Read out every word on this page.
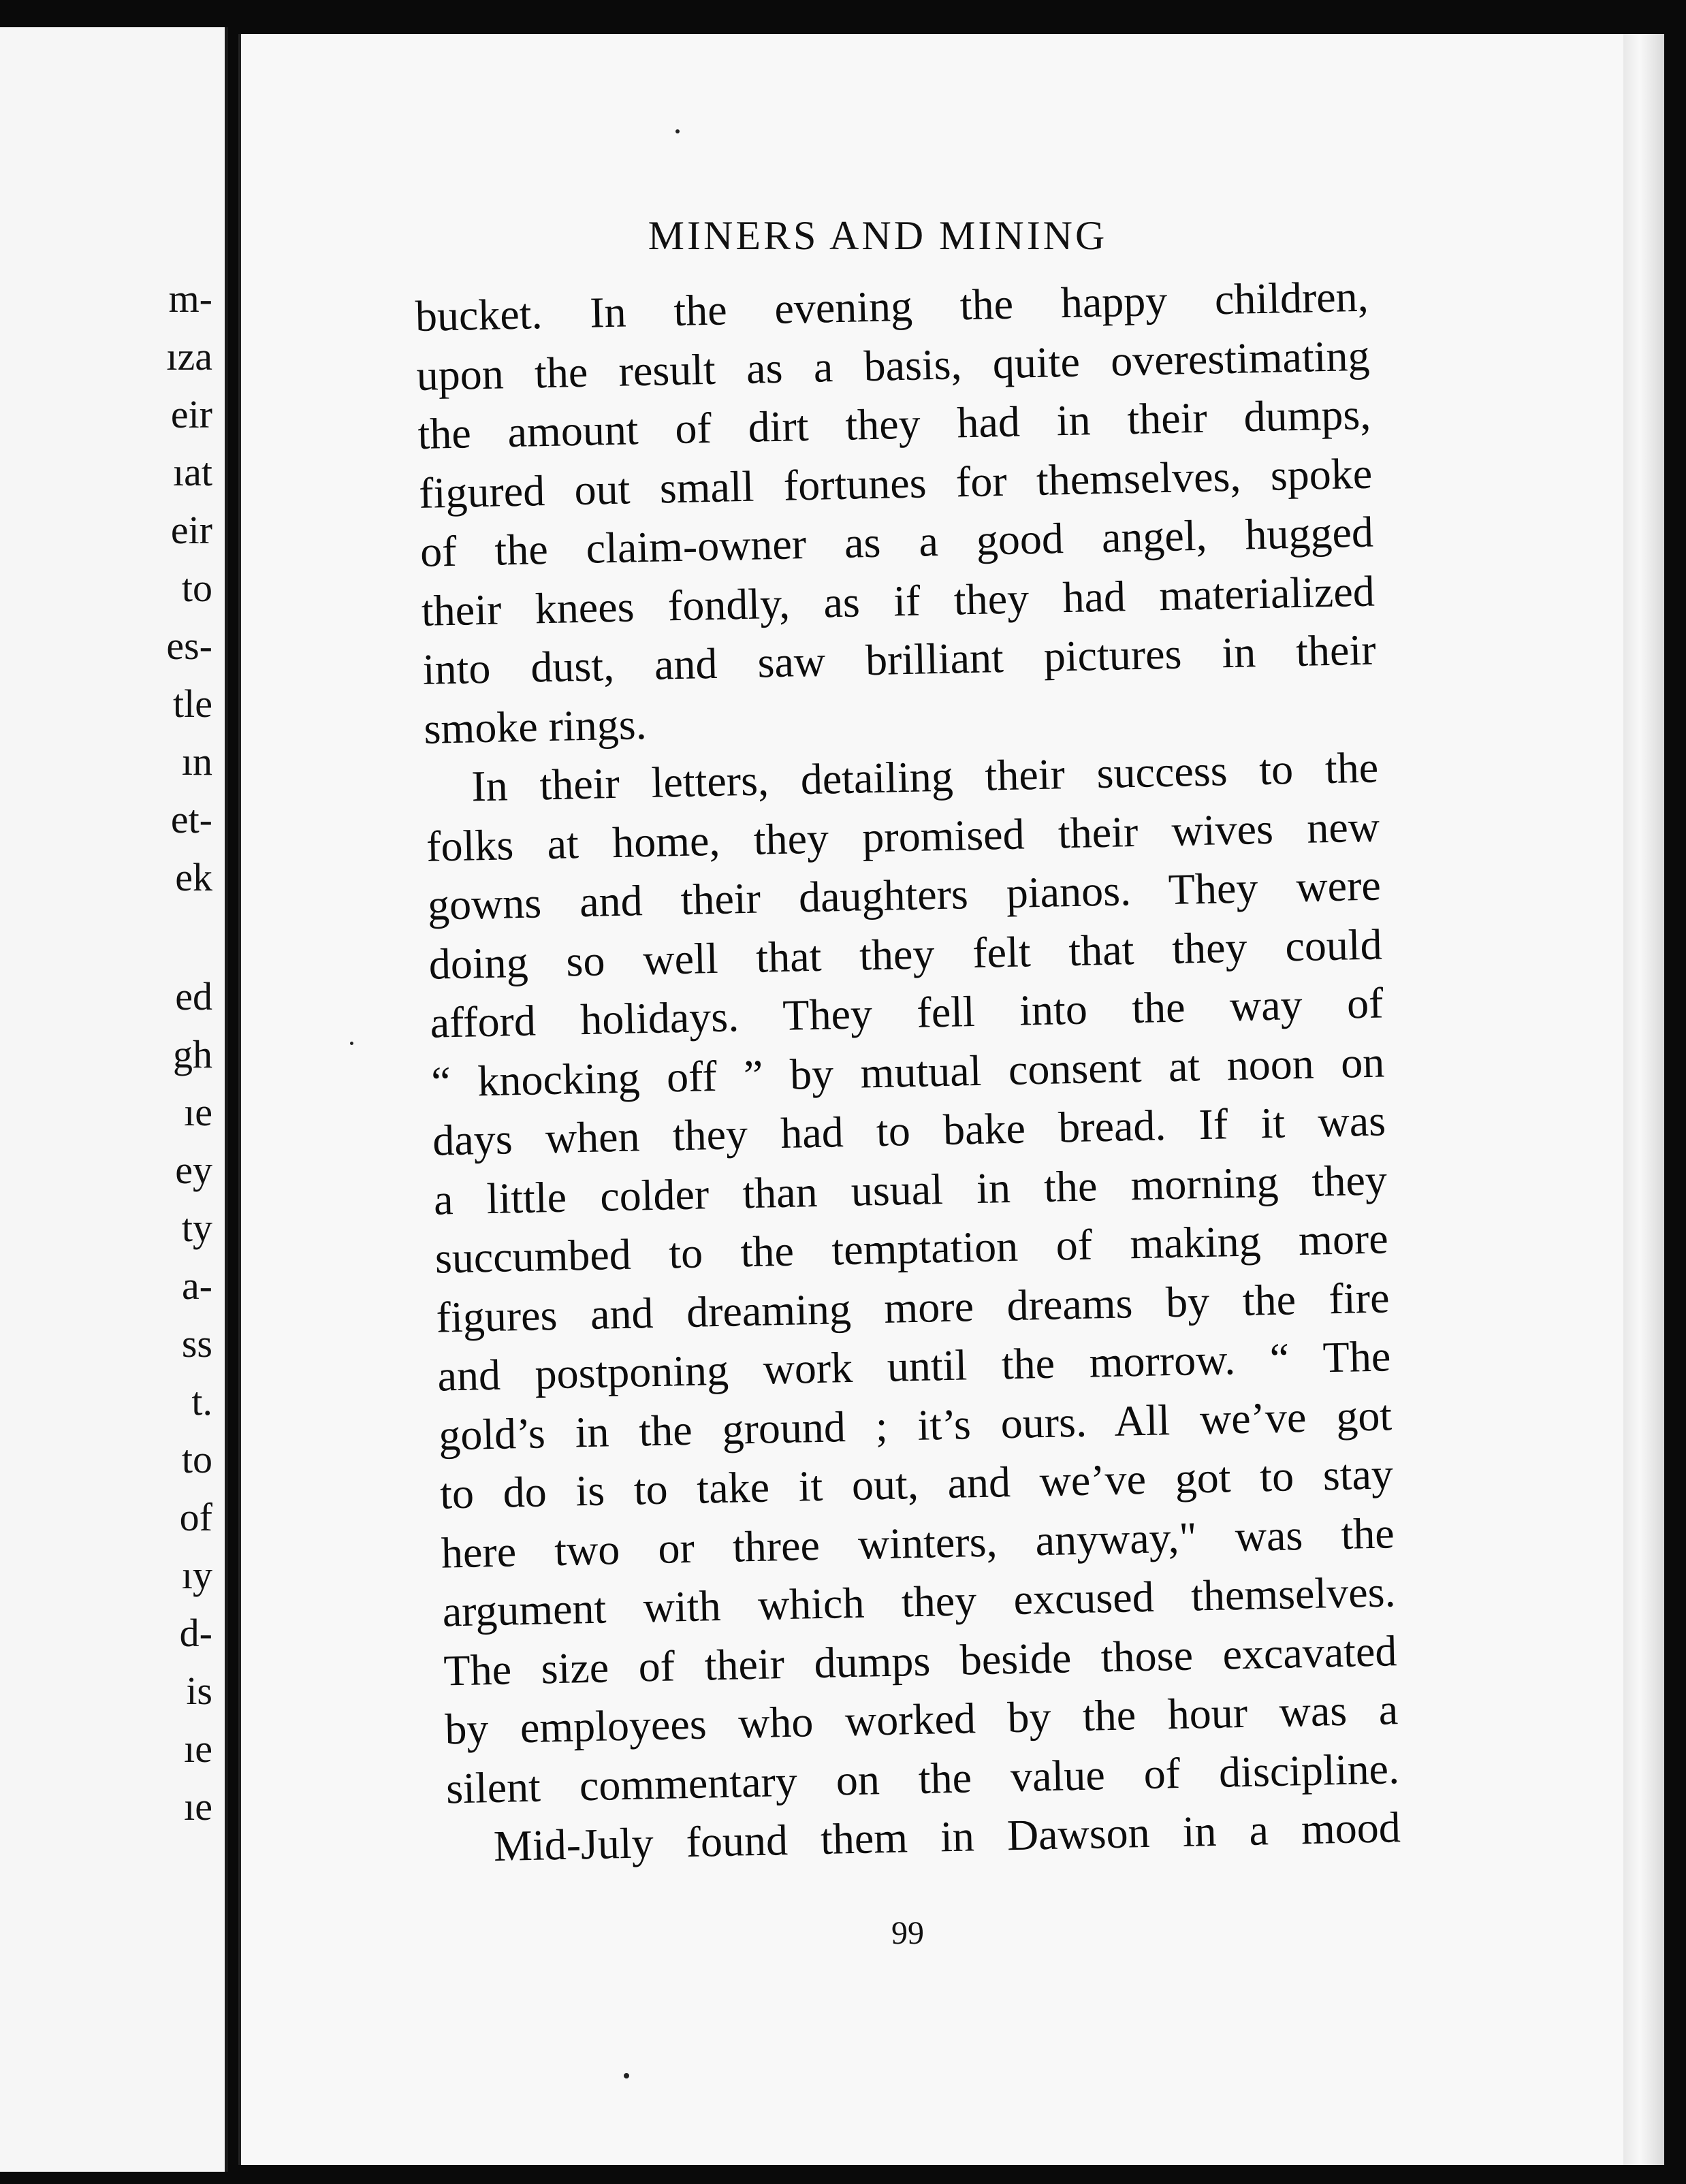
m-
ıza
eir
ıat
eir
to
es-
tle
ın
et-
ek
ed
gh
ıe
ey
ty
a-
ss
t.
to
of
ıy
d-
is
ıe
ıe
MINERS AND MINING
bucket. In the evening the happy children,
upon the result as a basis, quite overestimating
the amount of dirt they had in their dumps,
figured out small fortunes for themselves, spoke
of the claim-owner as a good angel, hugged
their knees fondly, as if they had materialized
into dust, and saw brilliant pictures in their
smoke rings.
In their letters, detailing their success to the
folks at home, they promised their wives new
gowns and their daughters pianos. They were
doing so well that they felt that they could
afford holidays. They fell into the way of
“ knocking off ” by mutual consent at noon on
days when they had to bake bread. If it was
a little colder than usual in the morning they
succumbed to the temptation of making more
figures and dreaming more dreams by the fire
and postponing work until the morrow. “ The
gold’s in the ground ; it’s ours. All we’ve got
to do is to take it out, and we’ve got to stay
here two or three winters, anyway," was the
argument with which they excused themselves.
The size of their dumps beside those excavated
by employees who worked by the hour was a
silent commentary on the value of discipline.
Mid-July found them in Dawson in a mood
99
